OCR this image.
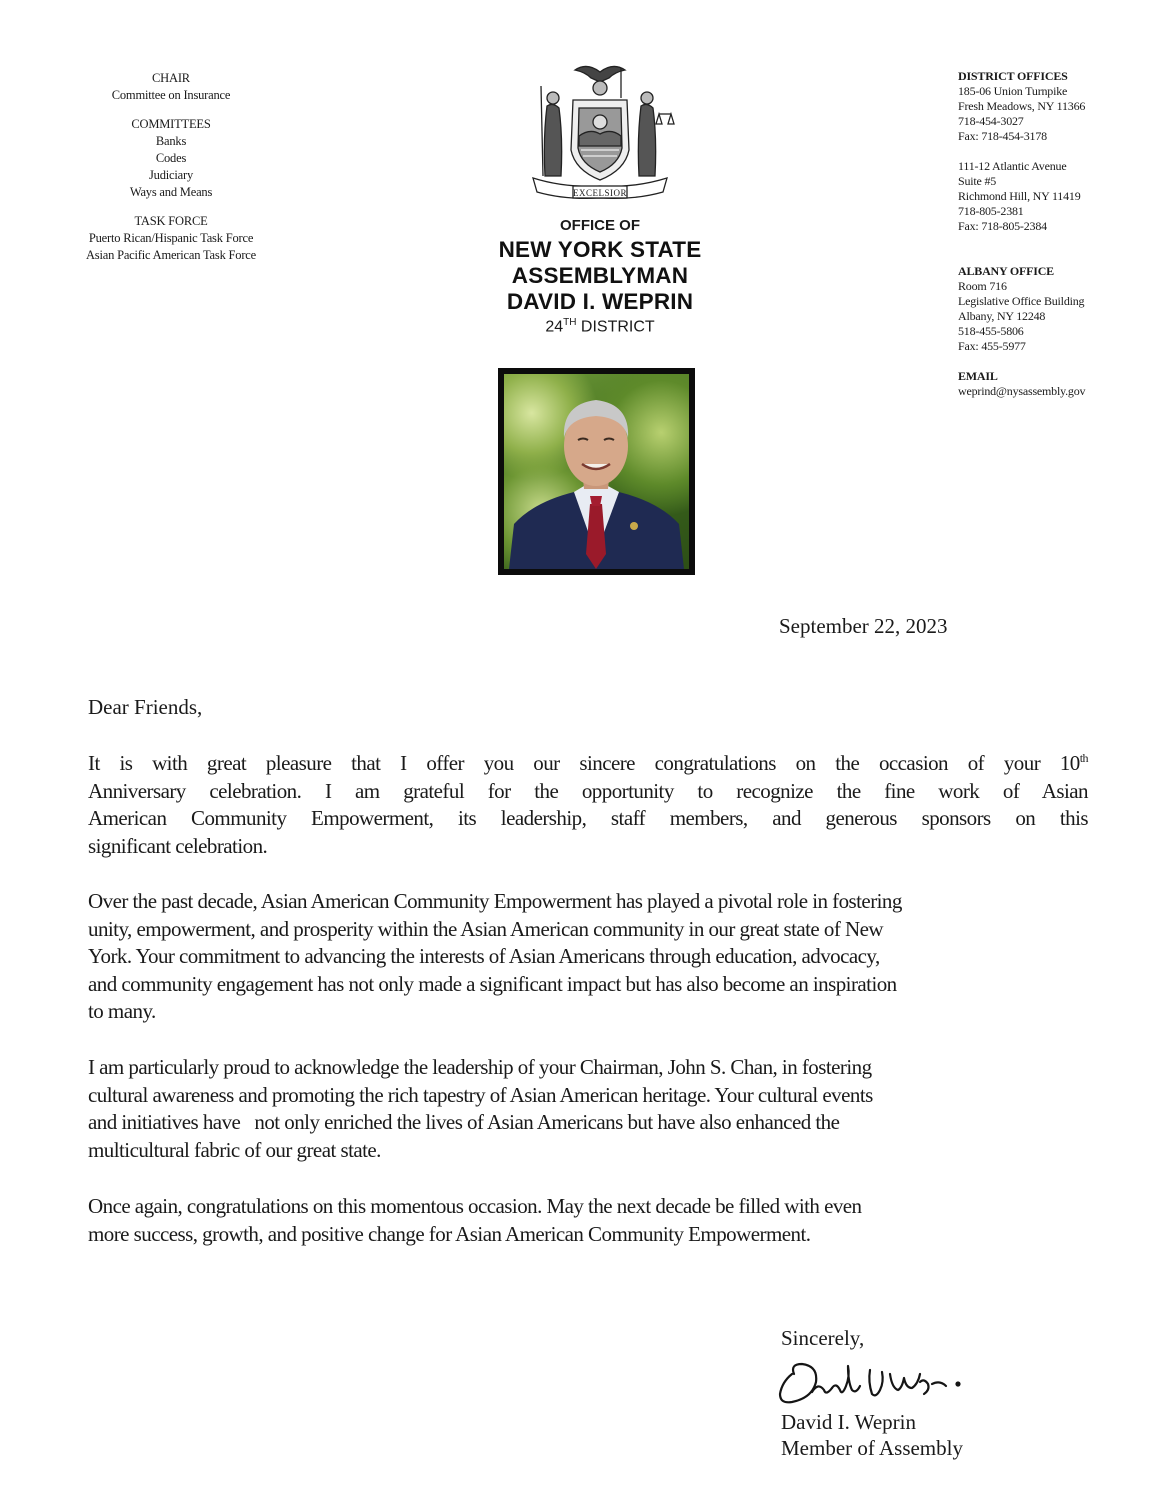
CHAIR
Committee on Insurance
COMMITTEES
Banks
Codes
Judiciary
Ways and Means
TASK FORCE
Puerto Rican/Hispanic Task Force
Asian Pacific American Task Force
EXCELSIOR
OFFICE OF
NEW YORK STATE
ASSEMBLYMAN
DAVID I. WEPRIN
24TH DISTRICT
DISTRICT OFFICES
185-06 Union Turnpike
Fresh Meadows, NY 11366
718-454-3027
Fax: 718-454-3178
111-12 Atlantic Avenue
Suite #5
Richmond Hill, NY 11419
718-805-2381
Fax: 718-805-2384
ALBANY OFFICE
Room 716
Legislative Office Building
Albany, NY 12248
518-455-5806
Fax: 455-5977
EMAIL
weprind@nysassembly.gov
September 22, 2023
Dear Friends,
It is with great pleasure that I offer you our sincere congratulations on the occasion of your 10th
Anniversary celebration. I am grateful for the opportunity to recognize the fine work of Asian
American Community Empowerment, its leadership, staff members, and generous sponsors on this
significant celebration.
Over the past decade, Asian American Community Empowerment has played a pivotal role in fostering
unity, empowerment, and prosperity within the Asian American community in our great state of New
York. Your commitment to advancing the interests of Asian Americans through education, advocacy,
and community engagement has not only made a significant impact but has also become an inspiration
to many.
I am particularly proud to acknowledge the leadership of your Chairman, John S. Chan, in fostering
cultural awareness and promoting the rich tapestry of Asian American heritage. Your cultural events
and initiatives have   not only enriched the lives of Asian Americans but have also enhanced the
multicultural fabric of our great state.
Once again, congratulations on this momentous occasion. May the next decade be filled with even
more success, growth, and positive change for Asian American Community Empowerment.
Sincerely,
David I. Weprin
Member of Assembly
